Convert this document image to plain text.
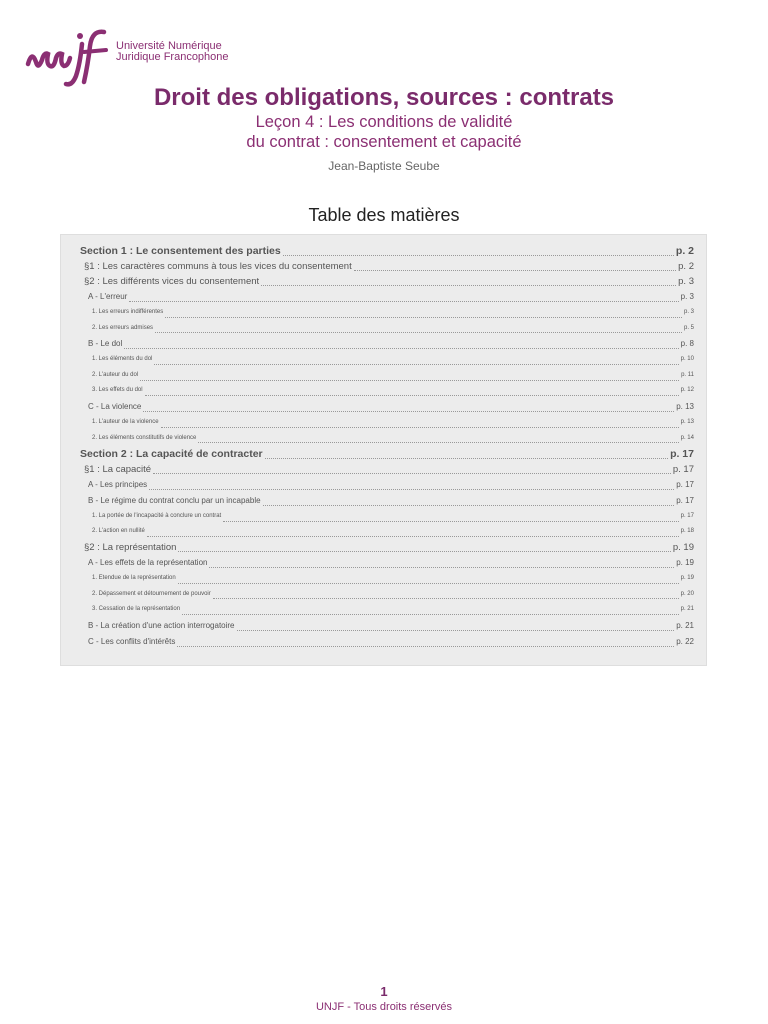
Université Numérique
Juridique Francophone
Droit des obligations, sources : contrats
Leçon 4 : Les conditions de validité
du contrat : consentement et capacité
Jean-Baptiste Seube
Table des matières
Section 1 : Le consentement des parties	p. 2
§1 : Les caractères communs à tous les vices du consentement	p. 2
§2 : Les différents vices du consentement	p. 3
A - L'erreur	p. 3
1. Les erreurs indifférentes	p. 3
2. Les erreurs admises	p. 5
B - Le dol	p. 8
1. Les éléments du dol	p. 10
2. L'auteur du dol	p. 11
3. Les effets du dol	p. 12
C - La violence	p. 13
1. L'auteur de la violence	p. 13
2. Les éléments constitutifs de violence	p. 14
Section 2 : La capacité de contracter	p. 17
§1 : La capacité	p. 17
A - Les principes	p. 17
B - Le régime du contrat conclu par un incapable	p. 17
1. La portée de l'incapacité à conclure un contrat	p. 17
2. L'action en nullité	p. 18
§2 : La représentation	p. 19
A - Les effets de la représentation	p. 19
1. Etendue de la représentation	p. 19
2. Dépassement et détournement de pouvoir	p. 20
3. Cessation de la représentation	p. 21
B - La création d'une action interrogatoire	p. 21
C - Les conflits d'intérêts	p. 22
1
UNJF - Tous droits réservés
